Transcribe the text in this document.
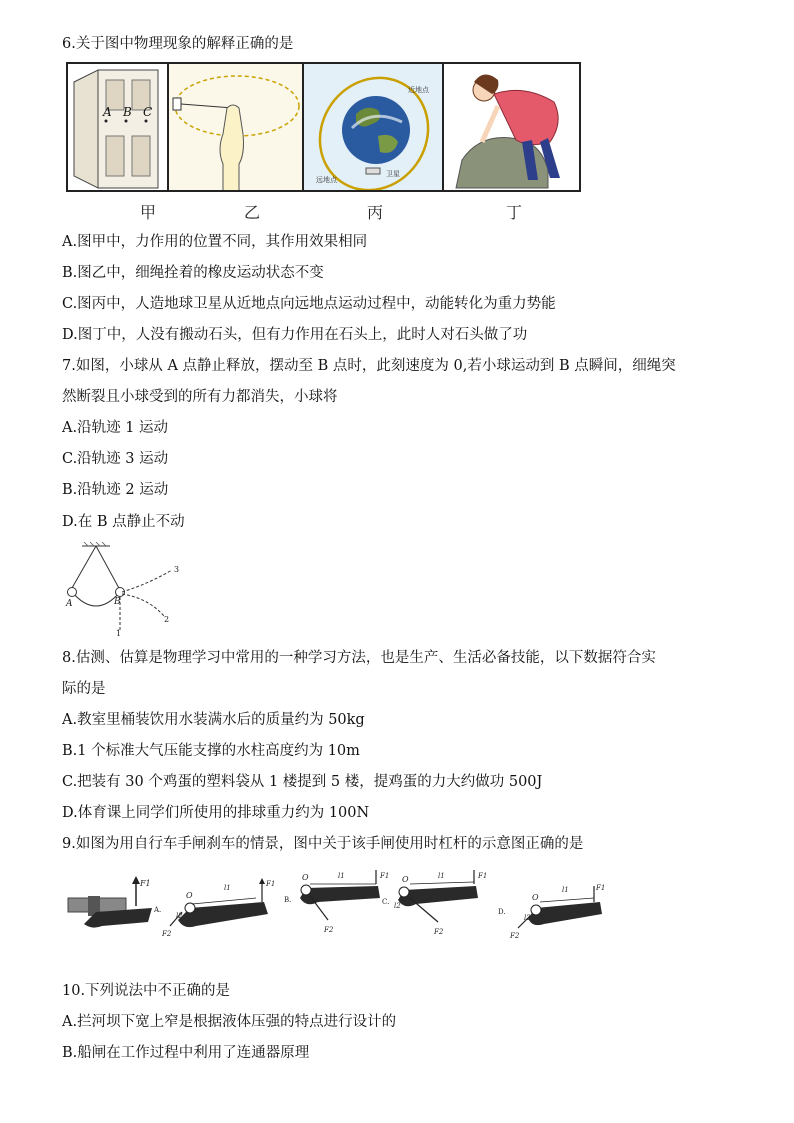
6.关于图中物理现象的解释正确的是
A B C
近地点
远地点
卫星
甲	乙	丙	丁
A.图甲中，力作用的位置不同，其作用效果相同
B.图乙中，细绳拴着的橡皮运动状态不变
C.图丙中，人造地球卫星从近地点向远地点运动过程中，动能转化为重力势能
D.图丁中，人没有搬动石头，但有力作用在石头上，此时人对石头做了功
7.如图，小球从 A 点静止释放，摆动至 B 点时，此刻速度为 0,若小球运动到 B 点瞬间，细绳突
然断裂且小球受到的所有力都消失，小球将
A.沿轨迹 1 运动
C.沿轨迹 3 运动
B.沿轨迹 2 运动
D.在 B 点静止不动
A	B
1
2
3
8.估测、估算是物理学习中常用的一种学习方法，也是生产、生活必备技能，以下数据符合实
际的是
A.教室里桶装饮用水装满水后的质量约为 50kg
B.1 个标准大气压能支撑的水柱高度约为 10m
C.把装有 30 个鸡蛋的塑料袋从 1 楼提到 5 楼，提鸡蛋的力大约做功 500J
D.体育课上同学们所使用的排球重力约为 100N
9.如图为用自行车手闸刹车的情景，图中关于该手闸使用时杠杆的示意图正确的是
F1
A.
O
l1	F1
F2
l2
B.
O	l1	F1
F2
C.
O	l1	F1
F2
l2
D.
O
l1	F1
F2
l2
10.下列说法中不正确的是
A.拦河坝下宽上窄是根据液体压强的特点进行设计的
B.船闸在工作过程中利用了连通器原理
